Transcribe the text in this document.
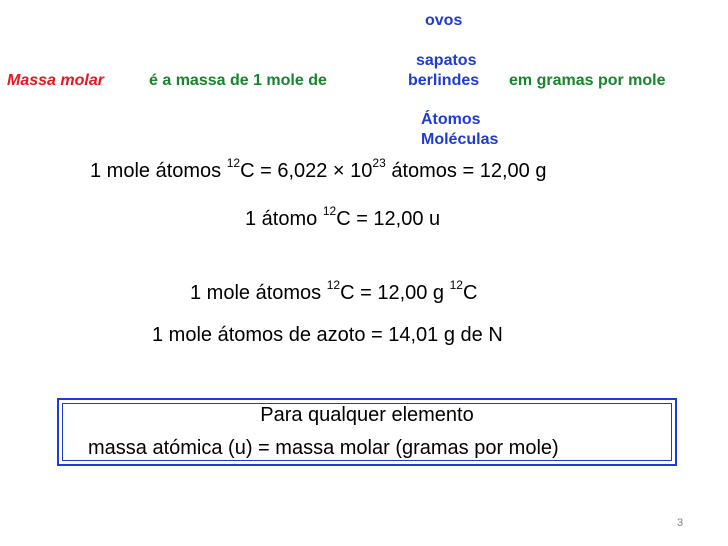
ovos
sapatos
berlindes
Átomos
Moléculas
Massa molar	é a massa de 1 mole de	em gramas por mole
1 mole átomos $^{12}C = 6,022 \times 10^{23}$ átomos = 12,00 g
1 átomo $^{12}$C = 12,00 u
1 mole átomos $^{12}$C = 12,00 g $^{12}$C
1 mole átomos de azoto = 14,01 g de N
Para qualquer elemento
massa atómica (u) = massa molar (gramas por mole)
3
